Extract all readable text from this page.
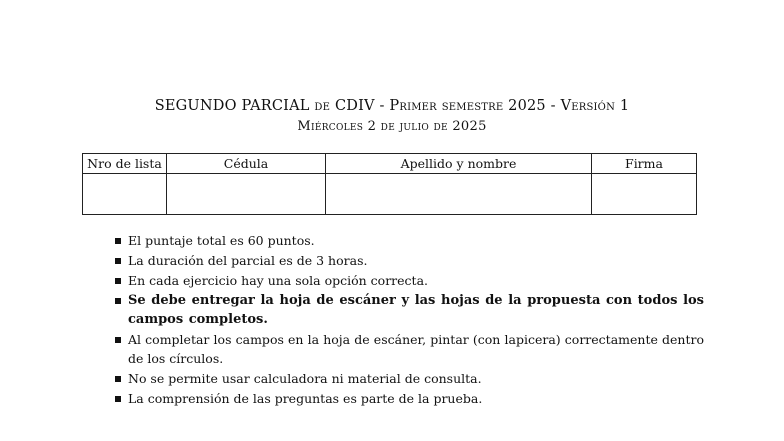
SEGUNDO PARCIAL de CDIV - Primer semestre 2025 - Versión 1
Miércoles 2 de julio de 2025
Nro de lista	Cédula	Apellido y nombre	Firma

El puntaje total es 60 puntos.
La duración del parcial es de 3 horas.
En cada ejercicio hay una sola opción correcta.
Se debe entregar la hoja de escáner y las hojas de la propuesta con todos los campos completos.
Al completar los campos en la hoja de escáner, pintar (con lapicera) correctamente dentro de los círculos.
No se permite usar calculadora ni material de consulta.
La comprensión de las preguntas es parte de la prueba.
